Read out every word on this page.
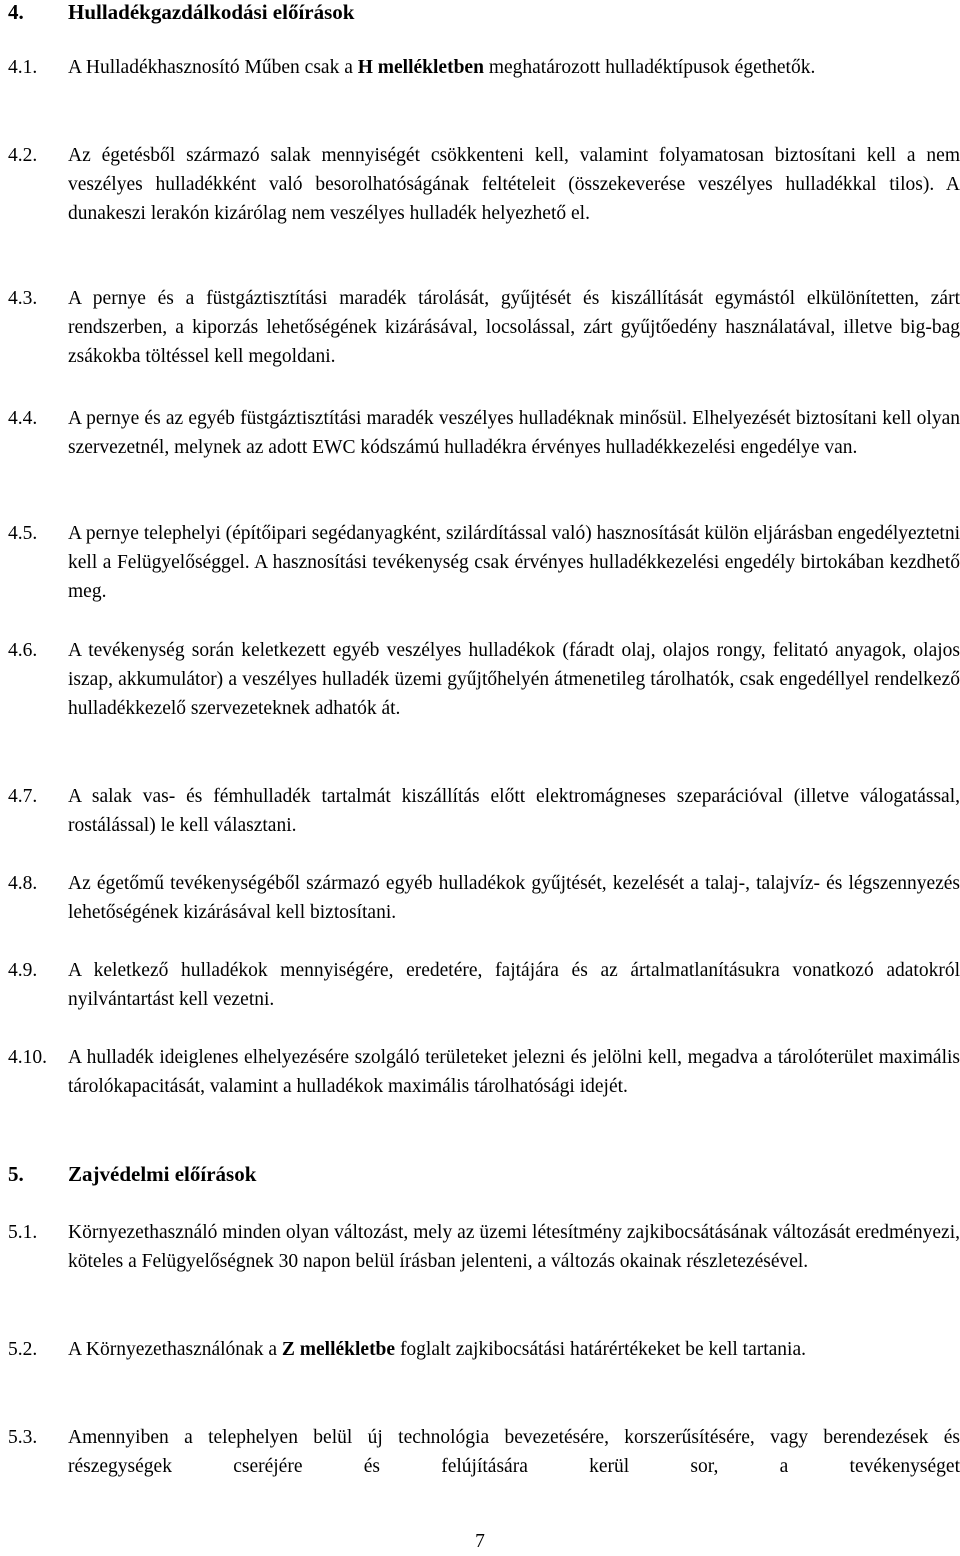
4. Hulladékgazdálkodási előírások
4.1. A Hulladékhasznosító Műben csak a H mellékletben meghatározott hulladéktípusok égethetők.
4.2. Az égetésből származó salak mennyiségét csökkenteni kell, valamint folyamatosan biztosítani kell a nem veszélyes hulladékként való besorolhatóságának feltételeit (összekeverése veszélyes hulladékkal tilos). A dunakeszi lerakón kizárólag nem veszélyes hulladék helyezhető el.
4.3. A pernye és a füstgáztisztítási maradék tárolását, gyűjtését és kiszállítását egymástól elkülönítetten, zárt rendszerben, a kiporzás lehetőségének kizárásával, locsolással, zárt gyűjtőedény használatával, illetve big-bag zsákokba töltéssel kell megoldani.
4.4. A pernye és az egyéb füstgáztisztítási maradék veszélyes hulladéknak minősül. Elhelyezését biztosítani kell olyan szervezetnél, melynek az adott EWC kódszámú hulladékra érvényes hulladékkezelési engedélye van.
4.5. A pernye telephelyi (építőipari segédanyagként, szilárdítással való) hasznosítását külön eljárásban engedélyeztetni kell a Felügyelőséggel. A hasznosítási tevékenység csak érvényes hulladékkezelési engedély birtokában kezdhető meg.
4.6. A tevékenység során keletkezett egyéb veszélyes hulladékok (fáradt olaj, olajos rongy, felitató anyagok, olajos iszap, akkumulátor) a veszélyes hulladék üzemi gyűjtőhelyén átmenetileg tárolhatók, csak engedéllyel rendelkező hulladékkezelő szervezeteknek adhatók át.
4.7. A salak vas- és fémhulladék tartalmát kiszállítás előtt elektromágneses szeparációval (illetve válogatással, rostálással) le kell választani.
4.8. Az égetőmű tevékenységéből származó egyéb hulladékok gyűjtését, kezelését a talaj-, talajvíz- és légszennyezés lehetőségének kizárásával kell biztosítani.
4.9. A keletkező hulladékok mennyiségére, eredetére, fajtájára és az ártalmatlanításukra vonatkozó adatokról nyilvántartást kell vezetni.
4.10. A hulladék ideiglenes elhelyezésére szolgáló területeket jelezni és jelölni kell, megadva a tárolóterület maximális tárolókapacitását, valamint a hulladékok maximális tárolhatósági idejét.
5. Zajvédelmi előírások
5.1. Környezethasználó minden olyan változást, mely az üzemi létesítmény zajkibocsátásának változását eredményezi, köteles a Felügyelőségnek 30 napon belül írásban jelenteni, a változás okainak részletezésével.
5.2. A Környezethasználónak a Z mellékletbe foglalt zajkibocsátási határértékeket be kell tartania.
5.3. Amennyiben a telephelyen belül új technológia bevezetésére, korszerűsítésére, vagy berendezések és részegységek cseréjére és felújítására kerül sor, a tevékenységet
7
